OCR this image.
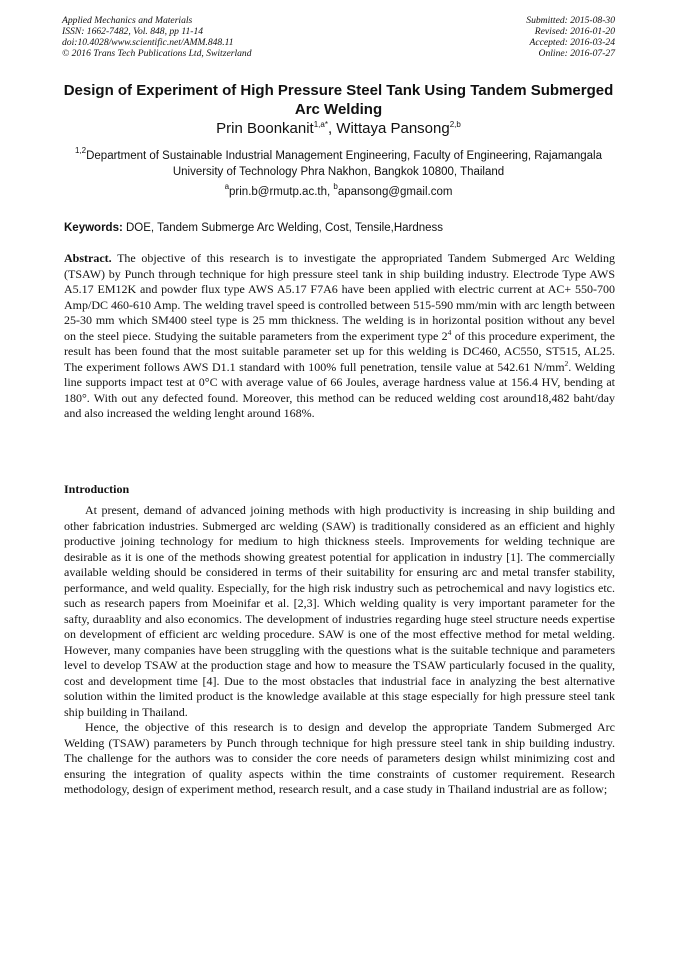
Applied Mechanics and Materials
ISSN: 1662-7482, Vol. 848, pp 11-14
doi:10.4028/www.scientific.net/AMM.848.11
© 2016 Trans Tech Publications Ltd, Switzerland
Submitted: 2015-08-30
Revised: 2016-01-20
Accepted: 2016-03-24
Online: 2016-07-27
Design of Experiment of High Pressure Steel Tank Using Tandem Submerged Arc Welding
Prin Boonkanit$^{1,a*}$, Wittaya Pansong$^{2,b}$
$^{1,2}$Department of Sustainable Industrial Management Engineering, Faculty of Engineering, Rajamangala University of Technology Phra Nakhon, Bangkok 10800, Thailand
$^a$prin.b@rmutp.ac.th, $^b$apansong@gmail.com
Keywords: DOE, Tandem Submerge Arc Welding, Cost, Tensile,Hardness

Abstract. The objective of this research is to investigate the appropriated Tandem Submerged Arc Welding (TSAW) by Punch through technique for high pressure steel tank in ship building industry. Electrode Type AWS A5.17 EM12K and powder flux type AWS A5.17 F7A6 have been applied with electric current at AC+ 550-700 Amp/DC 460-610 Amp. The welding travel speed is controlled between 515-590 mm/min with arc length between 25-30 mm which SM400 steel type is 25 mm thickness. The welding is in horizontal position without any bevel on the steel piece. Studying the suitable parameters from the experiment type $2^4$ of this procedure experiment, the result has been found that the most suitable parameter set up for this welding is DC460, AC550, ST515, AL25. The experiment follows AWS D1.1 standard with 100% full penetration, tensile value at 542.61 $N/mm^2$. Welding line supports impact test at 0°C with average value of 66 Joules, average hardness value at 156.4 HV, bending at 180°. With out any defected found. Moreover, this method can be reduced welding cost around18,482 baht/day and also increased the welding lenght around 168%.

Introduction

At present, demand of advanced joining methods with high productivity is increasing in ship building and other fabrication industries. Submerged arc welding (SAW) is traditionally considered as an efficient and highly productive joining technology for medium to high thickness steels. Improvements for welding technique are desirable as it is one of the methods showing greatest potential for application in industry [1]. The commercially available welding should be considered in terms of their suitability for ensuring arc and metal transfer stability, performance, and weld quality. Especially, for the high risk industry such as petrochemical and navy logistics etc. such as research papers from Moeinifar et al. [2,3]. Which welding quality is very important parameter for the safty, duraablity and also economics. The development of industries regarding huge steel structure needs expertise on development of efficient arc welding procedure. SAW is one of the most effective method for metal welding. However, many companies have been struggling with the questions what is the suitable technique and parameters level to develop TSAW at the production stage and how to measure the TSAW particularly focused in the quality, cost and development time [4]. Due to the most obstacles that industrial face in analyzing the best alternative solution within the limited product is the knowledge available at this stage especially for high pressure steel tank ship building in Thailand.

Hence, the objective of this research is to design and develop the appropriate Tandem Submerged Arc Welding (TSAW) parameters by Punch through technique for high pressure steel tank in ship building industry. The challenge for the authors was to consider the core needs of parameters design whilst minimizing cost and ensuring the integration of quality aspects within the time constraints of customer requirement. Research methodology, design of experiment method, research result, and a case study in Thailand industrial are as follow;
